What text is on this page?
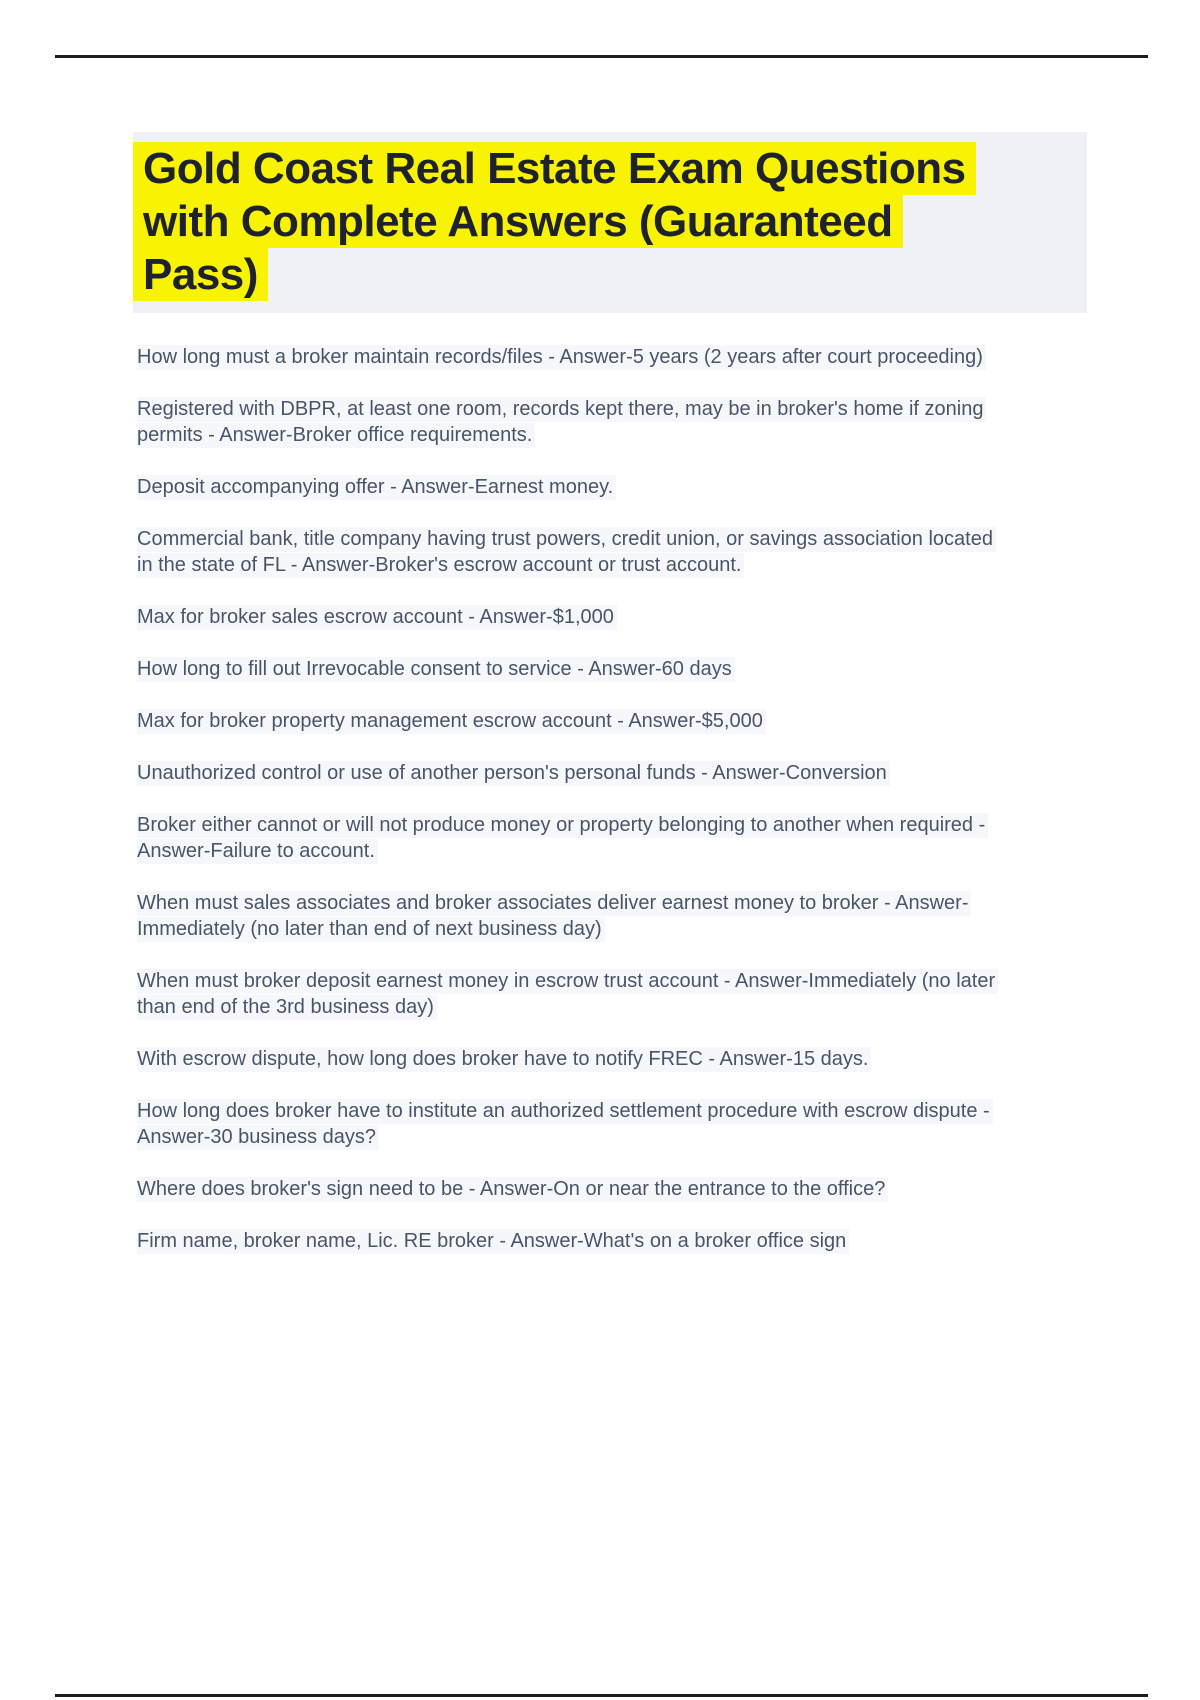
Gold Coast Real Estate Exam Questions
with Complete Answers (Guaranteed
Pass)

How long must a broker maintain records/files - Answer-5 years (2 years after court proceeding)

Registered with DBPR, at least one room, records kept there, may be in broker's home if zoning permits - Answer-Broker office requirements.

Deposit accompanying offer - Answer-Earnest money.

Commercial bank, title company having trust powers, credit union, or savings association located in the state of FL - Answer-Broker's escrow account or trust account.

Max for broker sales escrow account - Answer-$1,000

How long to fill out Irrevocable consent to service - Answer-60 days

Max for broker property management escrow account - Answer-$5,000

Unauthorized control or use of another person's personal funds - Answer-Conversion

Broker either cannot or will not produce money or property belonging to another when required - Answer-Failure to account.

When must sales associates and broker associates deliver earnest money to broker - Answer-Immediately (no later than end of next business day)

When must broker deposit earnest money in escrow trust account - Answer-Immediately (no later than end of the 3rd business day)

With escrow dispute, how long does broker have to notify FREC - Answer-15 days.

How long does broker have to institute an authorized settlement procedure with escrow dispute - Answer-30 business days?

Where does broker's sign need to be - Answer-On or near the entrance to the office?

Firm name, broker name, Lic. RE broker - Answer-What's on a broker office sign
